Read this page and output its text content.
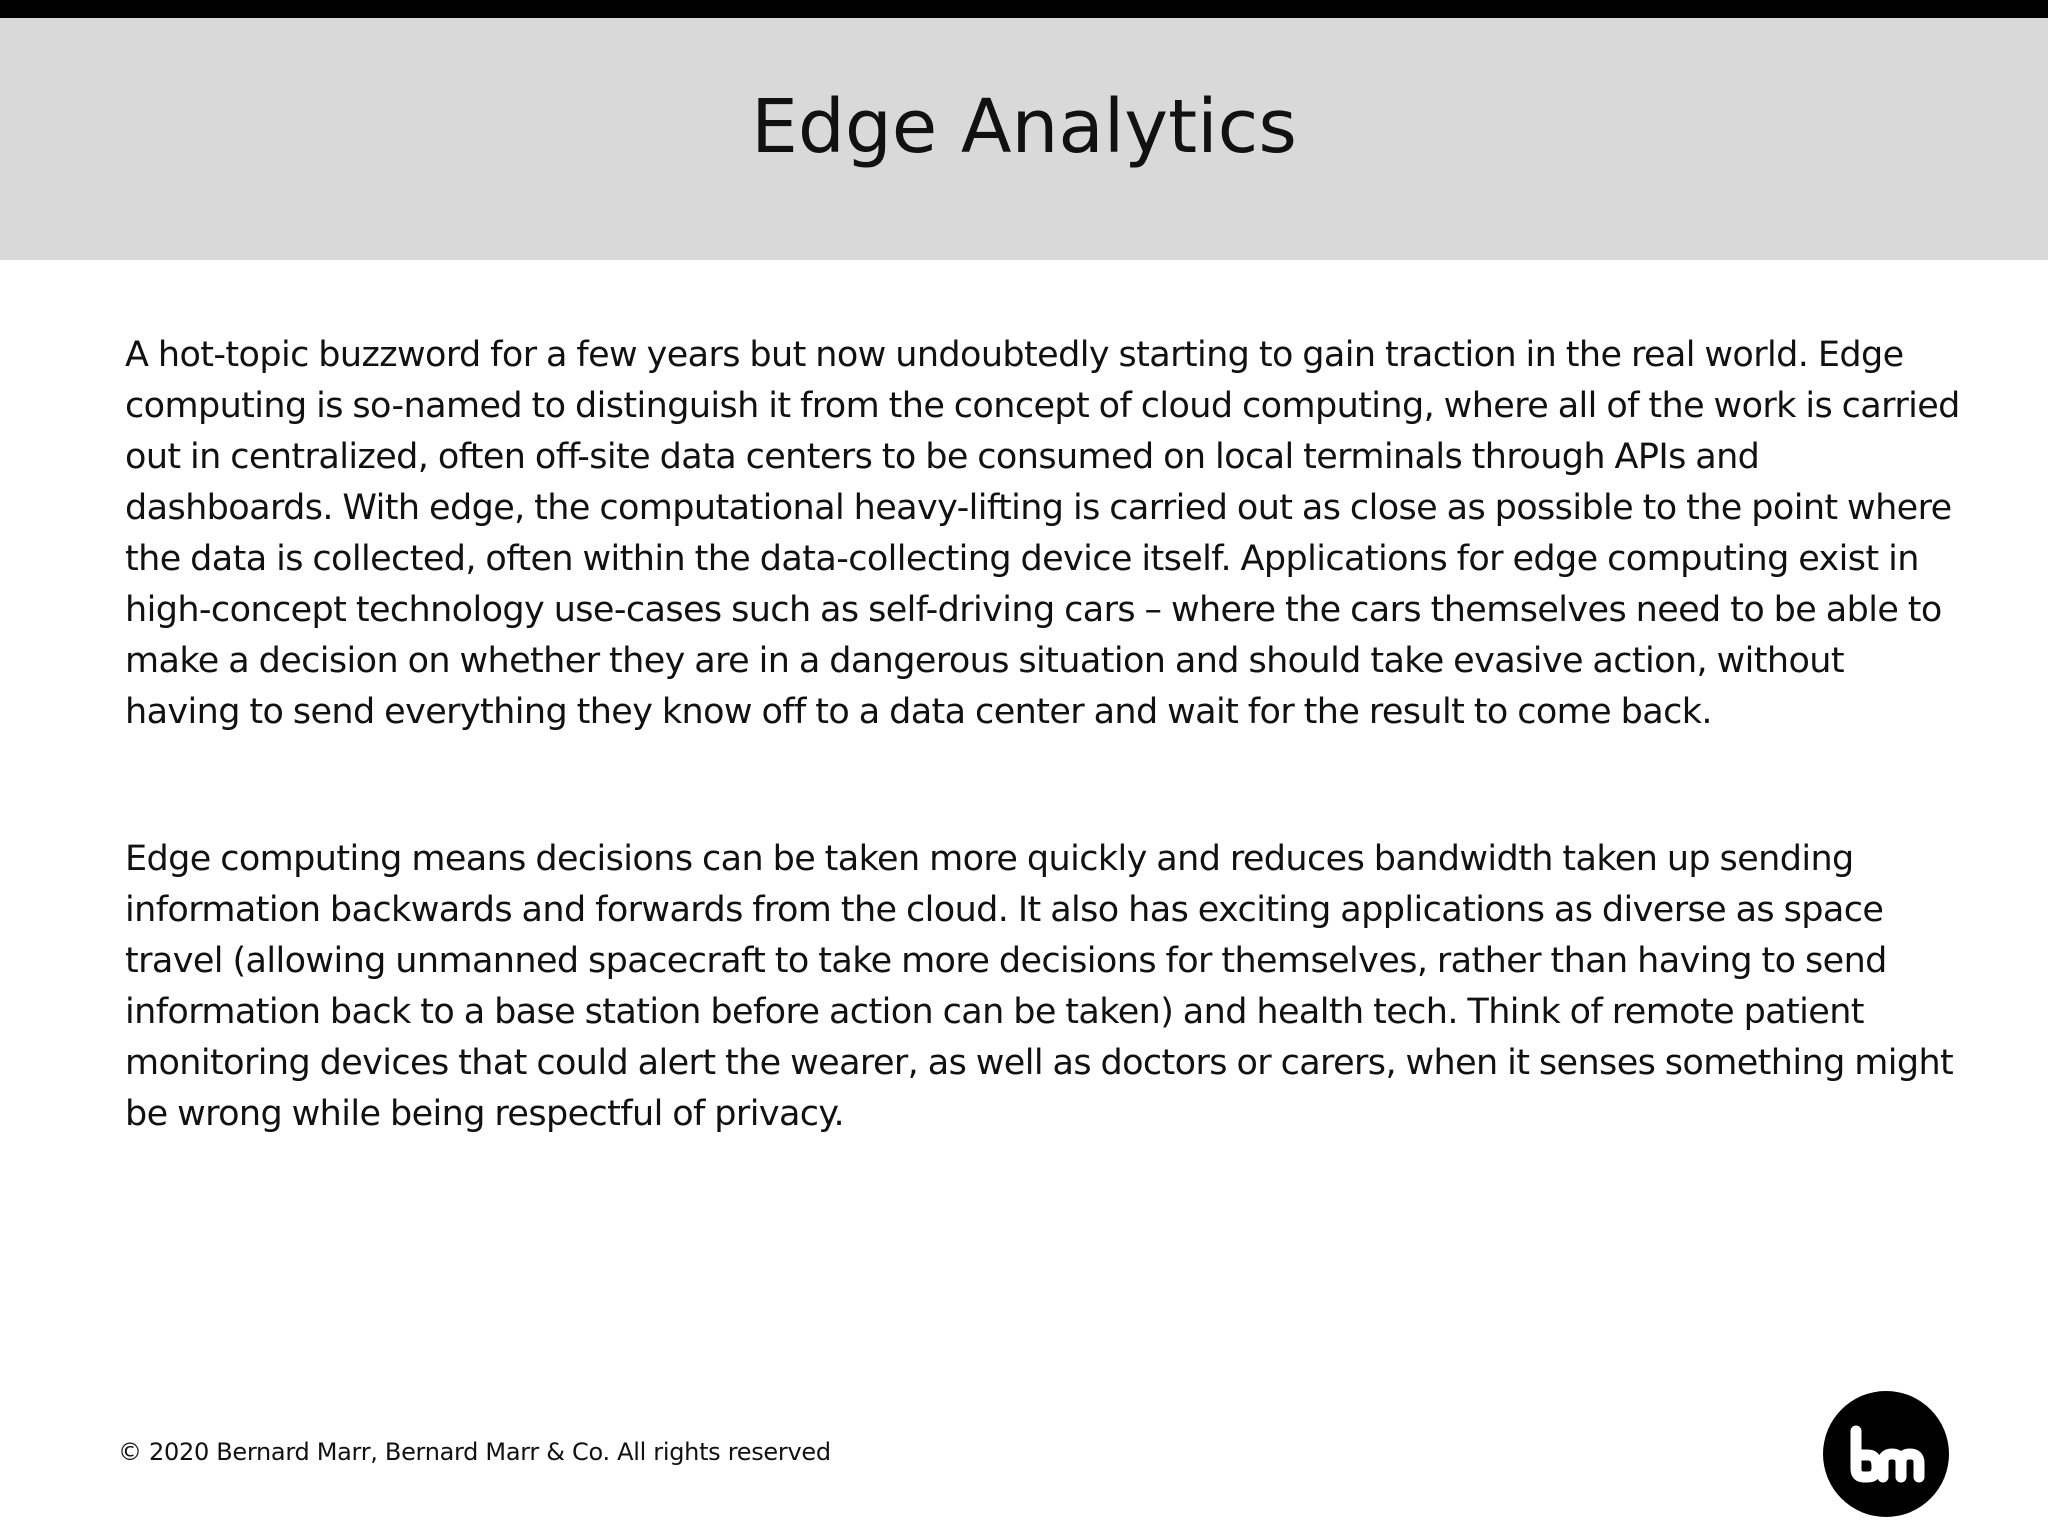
Edge Analytics

A hot-topic buzzword for a few years but now undoubtedly starting to gain traction in the real world. Edge computing is so-named to distinguish it from the concept of cloud computing, where all of the work is carried out in centralized, often off-site data centers to be consumed on local terminals through APIs and dashboards. With edge, the computational heavy-lifting is carried out as close as possible to the point where the data is collected, often within the data-collecting device itself. Applications for edge computing exist in high-concept technology use-cases such as self-driving cars – where the cars themselves need to be able to make a decision on whether they are in a dangerous situation and should take evasive action, without having to send everything they know off to a data center and wait for the result to come back.

Edge computing means decisions can be taken more quickly and reduces bandwidth taken up sending information backwards and forwards from the cloud. It also has exciting applications as diverse as space travel (allowing unmanned spacecraft to take more decisions for themselves, rather than having to send information back to a base station before action can be taken) and health tech. Think of remote patient monitoring devices that could alert the wearer, as well as doctors or carers, when it senses something might be wrong while being respectful of privacy.

© 2020 Bernard Marr, Bernard Marr & Co. All rights reserved
